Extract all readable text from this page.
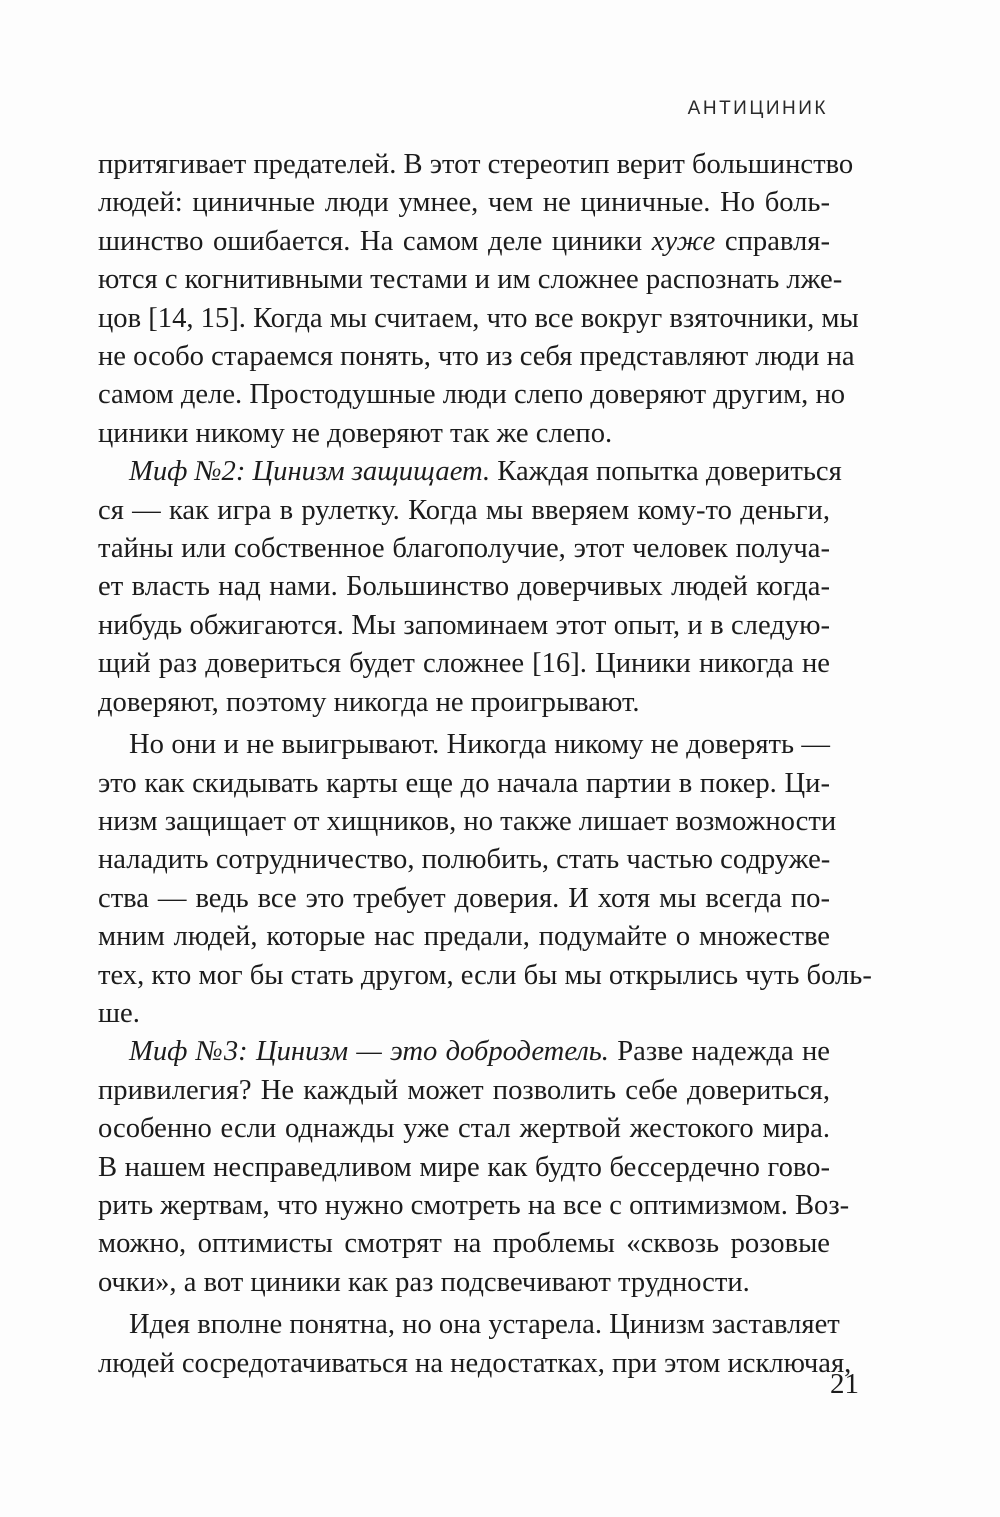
АНТИЦИНИК
притягивает предателей. В этот стереотип верит большинство
людей: циничные люди умнее, чем не циничные. Но боль-
шинство ошибается. На самом деле циники хуже справля-
ются с когнитивными тестами и им сложнее распознать лже-
цов [14, 15]. Когда мы считаем, что все вокруг взяточники, мы
не особо стараемся понять, что из себя представляют люди на
самом деле. Простодушные люди слепо доверяют другим, но
циники никому не доверяют так же слепо.
Миф №2: Цинизм защищает. Каждая попытка довериться
ся — как игра в рулетку. Когда мы вверяем кому-то деньги,
тайны или собственное благополучие, этот человек получа-
ет власть над нами. Большинство доверчивых людей когда-
нибудь обжигаются. Мы запоминаем этот опыт, и в следую-
щий раз довериться будет сложнее [16]. Циники никогда не
доверяют, поэтому никогда не проигрывают.
Но они и не выигрывают. Никогда никому не доверять —
это как скидывать карты еще до начала партии в покер. Ци-
низм защищает от хищников, но также лишает возможности
наладить сотрудничество, полюбить, стать частью содруже-
ства — ведь все это требует доверия. И хотя мы всегда по-
мним людей, которые нас предали, подумайте о множестве
тех, кто мог бы стать другом, если бы мы открылись чуть боль-
ше.
Миф №3: Цинизм — это добродетель. Разве надежда не
привилегия? Не каждый может позволить себе довериться,
особенно если однажды уже стал жертвой жестокого мира.
В нашем несправедливом мире как будто бессердечно гово-
рить жертвам, что нужно смотреть на все с оптимизмом. Воз-
можно, оптимисты смотрят на проблемы «сквозь розовые
очки», а вот циники как раз подсвечивают трудности.
Идея вполне понятна, но она устарела. Цинизм заставляет
людей сосредотачиваться на недостатках, при этом исключая,
21
